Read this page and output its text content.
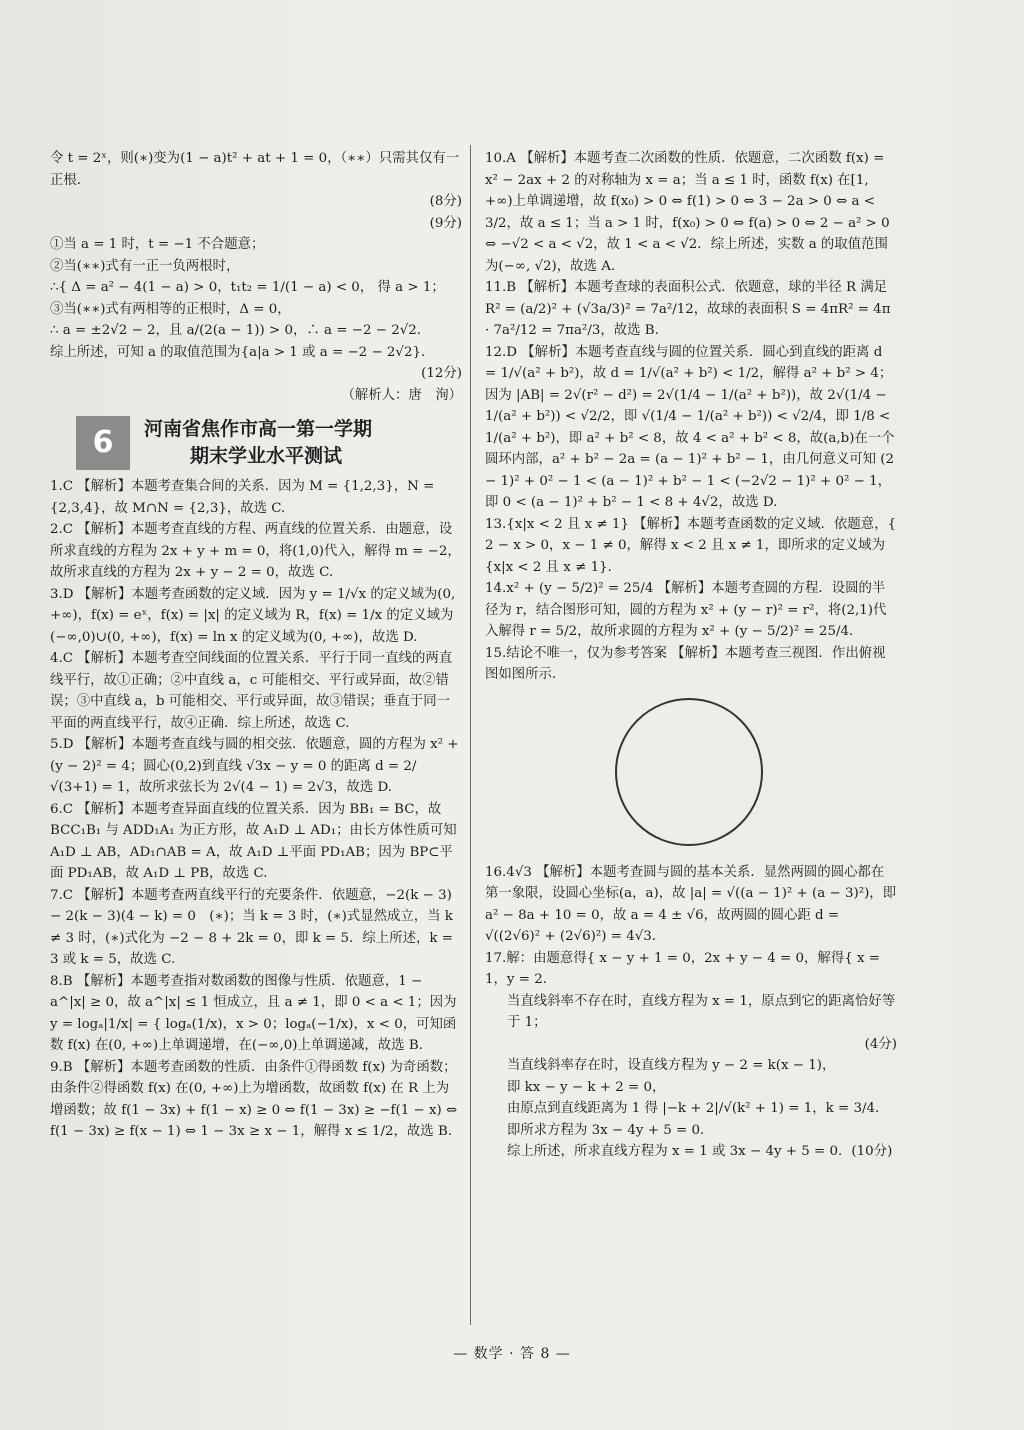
令 t = 2ˣ，则(∗)变为(1 − a)t² + at + 1 = 0，（∗∗）只需其仅有一正根．

(8分)

(9分)

①当 a = 1 时，t = −1 不合题意；

②当(∗∗)式有一正一负两根时，

∴{ Δ = a² − 4(1 − a) > 0，t₁t₂ = 1/(1 − a) < 0， 得 a > 1；

③当(∗∗)式有两相等的正根时，Δ = 0，

∴ a = ±2√2 − 2，且 a/(2(a − 1)) > 0，∴ a = −2 − 2√2．

综上所述，可知 a 的取值范围为{a|a > 1 或 a = −2 − 2√2}．

(12分)

（解析人：唐　洵）

6	河南省焦作市高一第一学期
期末学业水平测试

1.C 【解析】本题考查集合间的关系．因为 M = {1,2,3}，N = {2,3,4}，故 M∩N = {2,3}，故选 C.

2.C 【解析】本题考查直线的方程、两直线的位置关系．由题意，设所求直线的方程为 2x + y + m = 0，将(1,0)代入，解得 m = −2，故所求直线的方程为 2x + y − 2 = 0，故选 C.

3.D 【解析】本题考查函数的定义域．因为 y = 1/√x 的定义域为(0, +∞)，f(x) = eˣ，f(x) = |x| 的定义域为 R，f(x) = 1/x 的定义域为(−∞,0)∪(0, +∞)，f(x) = ln x 的定义域为(0, +∞)，故选 D.

4.C 【解析】本题考查空间线面的位置关系．平行于同一直线的两直线平行，故①正确；②中直线 a，c 可能相交、平行或异面，故②错误；③中直线 a，b 可能相交、平行或异面，故③错误；垂直于同一平面的两直线平行，故④正确．综上所述，故选 C.

5.D 【解析】本题考查直线与圆的相交弦．依题意，圆的方程为 x² + (y − 2)² = 4；圆心(0,2)到直线 √3x − y = 0 的距离 d = 2/√(3+1) = 1，故所求弦长为 2√(4 − 1) = 2√3，故选 D.

6.C 【解析】本题考查异面直线的位置关系．因为 BB₁ = BC，故 BCC₁B₁ 与 ADD₁A₁ 为正方形，故 A₁D ⊥ AD₁；由长方体性质可知 A₁D ⊥ AB，AD₁∩AB = A，故 A₁D ⊥平面 PD₁AB；因为 BP⊂平面 PD₁AB，故 A₁D ⊥ PB，故选 C.

7.C 【解析】本题考查两直线平行的充要条件．依题意，−2(k − 3) − 2(k − 3)(4 − k) = 0　(∗)；当 k = 3 时，(∗)式显然成立，当 k ≠ 3 时，(∗)式化为 −2 − 8 + 2k = 0，即 k = 5．综上所述，k = 3 或 k = 5，故选 C.

8.B 【解析】本题考查指对数函数的图像与性质．依题意，1 − a^|x| ≥ 0，故 a^|x| ≤ 1 恒成立，且 a ≠ 1，即 0 < a < 1；因为 y = logₐ|1/x| = { logₐ(1/x)，x > 0；logₐ(−1/x)，x < 0，可知函数 f(x) 在(0, +∞)上单调递增，在(−∞,0)上单调递减，故选 B.

9.B 【解析】本题考查函数的性质．由条件①得函数 f(x) 为奇函数；由条件②得函数 f(x) 在(0, +∞)上为增函数，故函数 f(x) 在 R 上为增函数；故 f(1 − 3x) + f(1 − x) ≥ 0 ⇔ f(1 − 3x) ≥ −f(1 − x) ⇔ f(1 − 3x) ≥ f(x − 1) ⇔ 1 − 3x ≥ x − 1，解得 x ≤ 1/2，故选 B.

10.A 【解析】本题考查二次函数的性质．依题意，二次函数 f(x) = x² − 2ax + 2 的对称轴为 x = a；当 a ≤ 1 时，函数 f(x) 在[1, +∞)上单调递增，故 f(x₀) > 0 ⇔ f(1) > 0 ⇔ 3 − 2a > 0 ⇔ a < 3/2，故 a ≤ 1；当 a > 1 时，f(x₀) > 0 ⇔ f(a) > 0 ⇔ 2 − a² > 0 ⇔ −√2 < a < √2，故 1 < a < √2．综上所述，实数 a 的取值范围为(−∞, √2)，故选 A.

11.B 【解析】本题考查球的表面积公式．依题意，球的半径 R 满足 R² = (a/2)² + (√3a/3)² = 7a²/12，故球的表面积 S = 4πR² = 4π · 7a²/12 = 7πa²/3，故选 B.

12.D 【解析】本题考查直线与圆的位置关系．圆心到直线的距离 d = 1/√(a² + b²)，故 d = 1/√(a² + b²) < 1/2，解得 a² + b² > 4；因为 |AB| = 2√(r² − d²) = 2√(1/4 − 1/(a² + b²))，故 2√(1/4 − 1/(a² + b²)) < √2/2，即 √(1/4 − 1/(a² + b²)) < √2/4，即 1/8 < 1/(a² + b²)，即 a² + b² < 8，故 4 < a² + b² < 8，故(a,b)在一个圆环内部，a² + b² − 2a = (a − 1)² + b² − 1，由几何意义可知 (2 − 1)² + 0² − 1 < (a − 1)² + b² − 1 < (−2√2 − 1)² + 0² − 1，即 0 < (a − 1)² + b² − 1 < 8 + 4√2，故选 D.

13.{x|x < 2 且 x ≠ 1} 【解析】本题考查函数的定义域．依题意，{ 2 − x > 0，x − 1 ≠ 0，解得 x < 2 且 x ≠ 1，即所求的定义域为{x|x < 2 且 x ≠ 1}．

14.x² + (y − 5/2)² = 25/4 【解析】本题考查圆的方程．设圆的半径为 r，结合图形可知，圆的方程为 x² + (y − r)² = r²，将(2,1)代入解得 r = 5/2，故所求圆的方程为 x² + (y − 5/2)² = 25/4．

15.结论不唯一，仅为参考答案 【解析】本题考查三视图．作出俯视图如图所示．

16.4√3 【解析】本题考查圆与圆的基本关系．显然两圆的圆心都在第一象限，设圆心坐标(a，a)，故 |a| = √((a − 1)² + (a − 3)²)，即 a² − 8a + 10 = 0，故 a = 4 ± √6，故两圆的圆心距 d = √((2√6)² + (2√6)²) = 4√3．

17.解：由题意得{ x − y + 1 = 0，2x + y − 4 = 0，解得{ x = 1，y = 2．

当直线斜率不存在时，直线方程为 x = 1，原点到它的距离恰好等于 1；

(4分)

当直线斜率存在时，设直线方程为 y − 2 = k(x − 1)，

即 kx − y − k + 2 = 0，

由原点到直线距离为 1 得 |−k + 2|/√(k² + 1) = 1，k = 3/4．

即所求方程为 3x − 4y + 5 = 0．

综上所述，所求直线方程为 x = 1 或 3x − 4y + 5 = 0．(10分)

— 数学 · 答 8 —
